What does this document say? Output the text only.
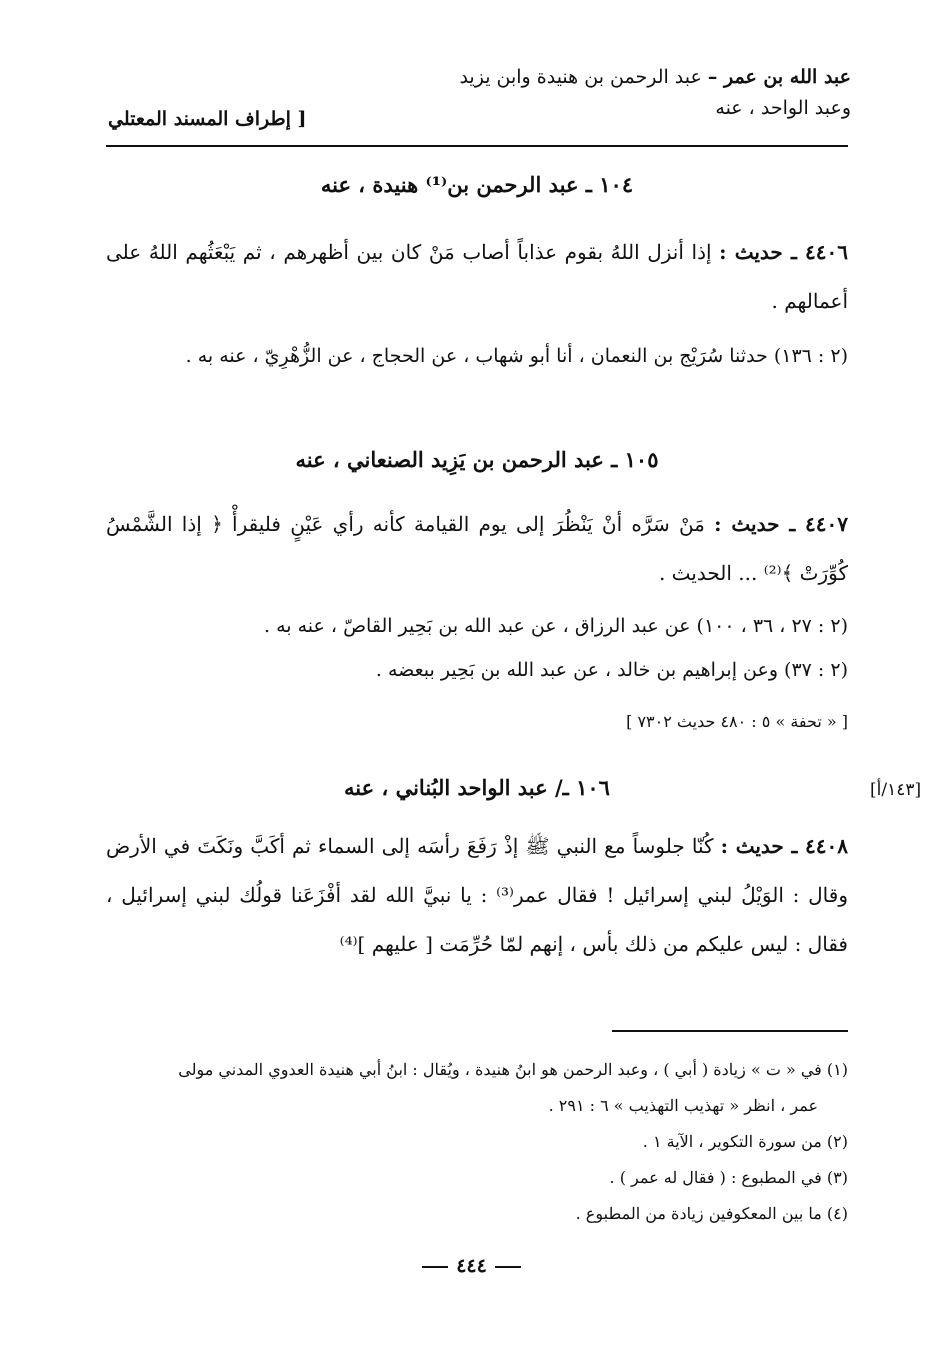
عبد الله بن عمر – عبد الرحمن بن هنيدة وابن يزيد
وعبد الواحد ، عنه
[ إطراف المسند المعتلي
١٠٤ ـ عبد الرحمن بن⁽¹⁾ هنيدة ، عنه
٤٤٠٦ ـ حديث : إذا أنزل اللهُ بقوم عذاباً أصاب مَنْ كان بين أظهرهم ، ثم يَبْعَثُهم اللهُ على أعمالهم .
(٢ : ١٣٦) حدثنا سُرَيْج بن النعمان ، أنا أبو شهاب ، عن الحجاج ، عن الزُّهْرِيّ ، عنه به .
١٠٥ ـ عبد الرحمن بن يَزِيد الصنعاني ، عنه
٤٤٠٧ ـ حديث : مَنْ سَرَّه أنْ يَنْظُرَ إلى يوم القيامة كأنه رأي عَيْنٍ فليقرأْ ﴿ إذا الشَّمْسُ كُوِّرَتْ ﴾⁽²⁾ ... الحديث .
(٢ : ٢٧ ، ٣٦ ، ١٠٠) عن عبد الرزاق ، عن عبد الله بن بَحِير القاصّ ، عنه به .
(٢ : ٣٧) وعن إبراهيم بن خالد ، عن عبد الله بن بَحِير ببعضه .
[ « تحفة » ٥ : ٤٨٠ حديث ٧٣٠٢ ]
١٠٦ ـ/ عبد الواحد البُناني ، عنه	[١٤٣/أ]
٤٤٠٨ ـ حديث : كُنّا جلوساً مع النبي ﷺ إذْ رَفَعَ رأسَه إلى السماء ثم أكَبَّ ونَكَتَ في الأرض وقال : الوَيْلُ لبني إسرائيل ! فقال عمر⁽³⁾ : يا نبيَّ الله لقد أفْزَعَنا قولُك لبني إسرائيل ، فقال : ليس عليكم من ذلك بأس ، إنهم لمّا حُرِّمَت [ عليهم ]⁽⁴⁾

(١) في « ت » زيادة ( أبي ) ، وعبد الرحمن هو ابنُ هنيدة ، ويُقال : ابنُ أبي هنيدة العدوي المدني مولى

عمر ، انظر « تهذيب التهذيب » ٦ : ٢٩١ .

(٢) من سورة التكوير ، الآية ١ .

(٣) في المطبوع : ( فقال له عمر ) .

(٤) ما بين المعكوفين زيادة من المطبوع .

٤٤٤
